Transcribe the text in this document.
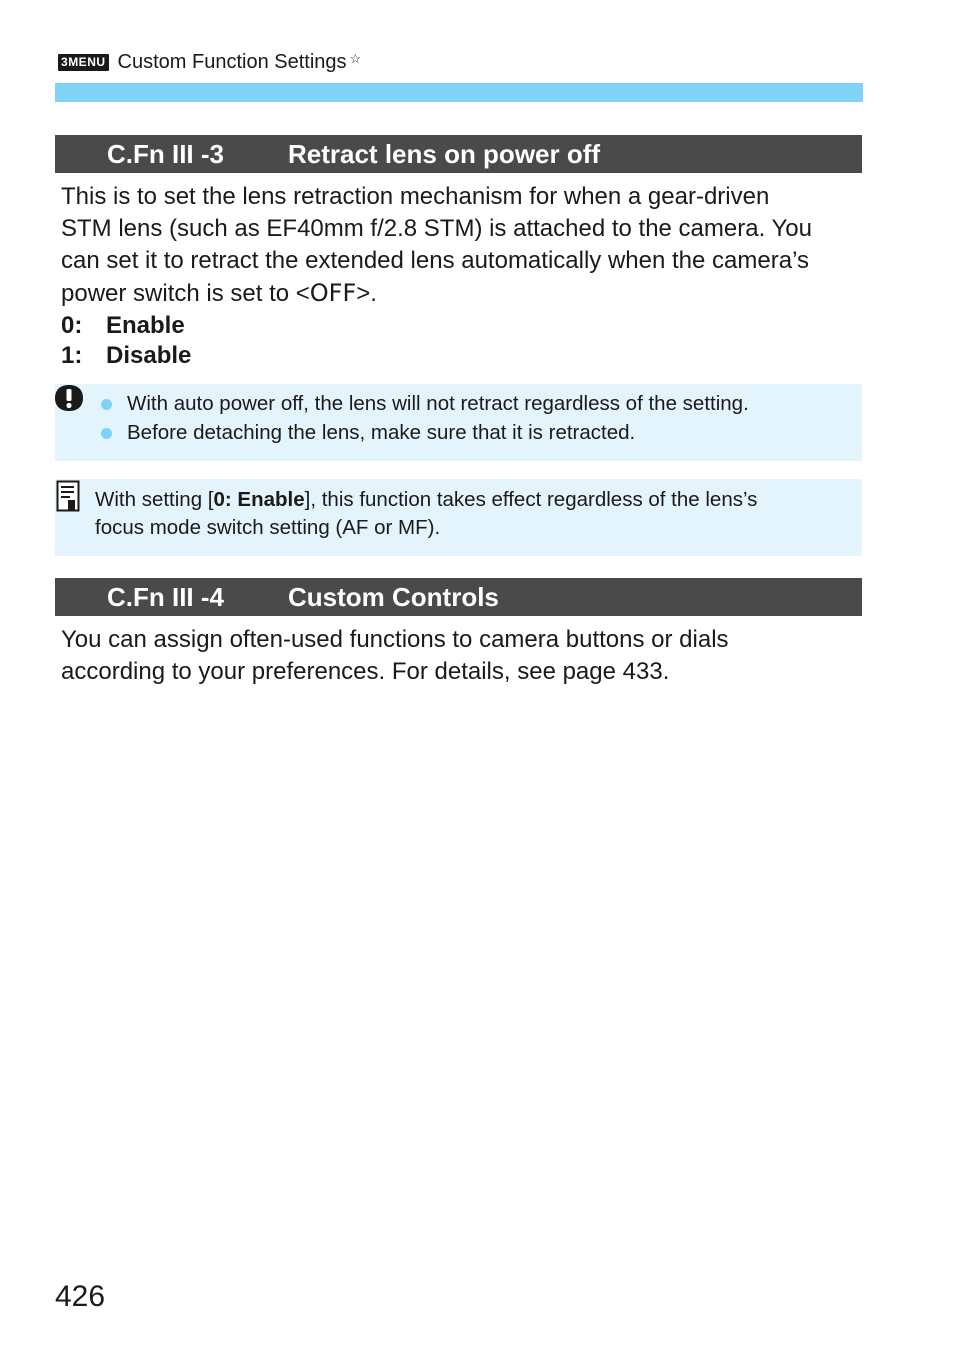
3 MENU Custom Function Settings ☆
C.Fn III -3 Retract lens on power off
This is to set the lens retraction mechanism for when a gear-driven
STM lens (such as EF40mm f/2.8 STM) is attached to the camera. You
can set it to retract the extended lens automatically when the camera’s
power switch is set to <OFF>.
0: Enable
1: Disable
With auto power off, the lens will not retract regardless of the setting.
Before detaching the lens, make sure that it is retracted.
With setting [0: Enable], this function takes effect regardless of the lens’s
focus mode switch setting (AF or MF).
C.Fn III -4 Custom Controls
You can assign often-used functions to camera buttons or dials
according to your preferences. For details, see page 433.
426
